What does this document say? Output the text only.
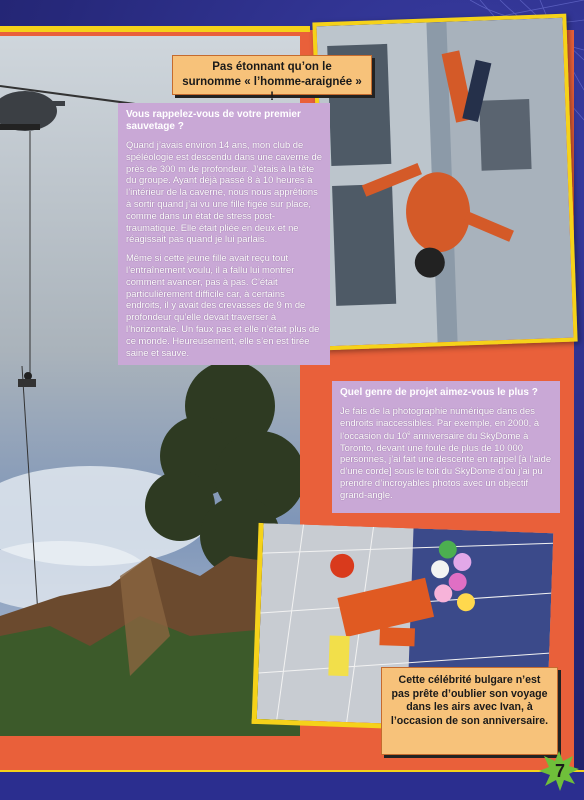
Pas étonnant qu’on le
surnomme « l’homme-araignée » !
Vous rappelez-vous de votre premier sauvetage ?

Quand j’avais environ 14 ans, mon club de spéléologie est descendu dans une caverne de près de 300 m de profondeur. J’étais à la tête du groupe. Ayant déjà passé 8 à 10 heures à l’intérieur de la caverne, nous nous apprêtions à sortir quand j’ai vu une fille figée sur place, comme dans un état de stress post-traumatique. Elle était pliée en deux et ne réagissait pas quand je lui parlais.

Même si cette jeune fille avait reçu tout l’entraînement voulu, il a fallu lui montrer comment avancer, pas à pas. C’était particulièrement difficile car, à certains endroits, il y avait des crevasses de 9 m de profondeur qu’elle devait traverser à l’horizontale. Un faux pas et elle n’était plus de ce monde. Heureusement, elle s’en est tirée saine et sauve.

Quel genre de projet aimez-vous le plus ?

Je fais de la photographie numérique dans des endroits inaccessibles. Par exemple, en 2000, à l’occasion du 10e anniversaire du SkyDome à Toronto, devant une foule de plus de 10 000 personnes, j’ai fait une descente en rappel [à l’aide d’une corde] sous le toit du SkyDome d’où j’ai pu prendre d’incroyables photos avec un objectif grand-angle.

Cette célébrité bulgare n’est pas prête d’oublier son voyage dans les airs avec Ivan, à l’occasion de son anniversaire.
7
